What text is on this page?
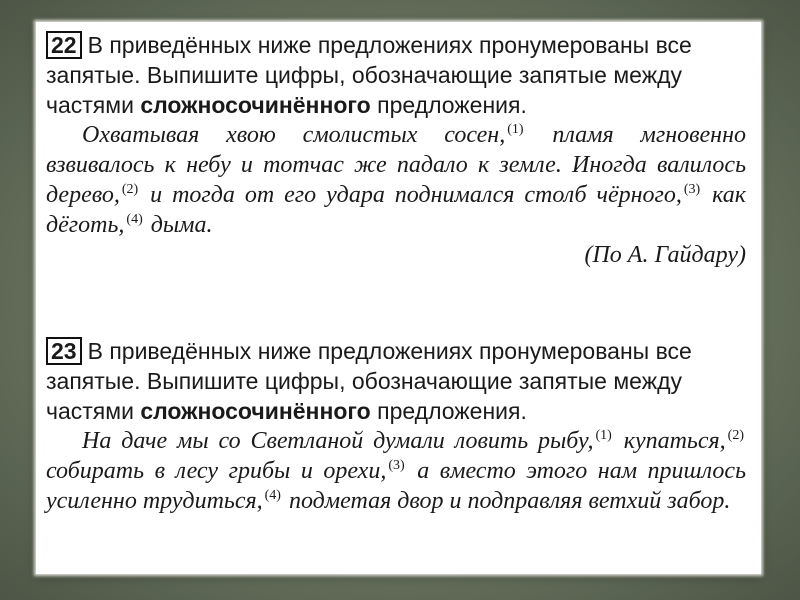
22 В приведённых ниже предложениях пронумерованы все запятые. Выпишите цифры, обозначающие запятые между частями сложносочинённого предложения.

Охватывая хвою смолистых сосен, $^{(1)}$ пламя мгновенно взвивалось к небу и тотчас же падало к земле. Иногда валилось дерево, $^{(2)}$ и тогда от его удара поднимался столб чёрного, $^{(3)}$ как дёготь, $^{(4)}$ дыма.

(По А. Гайдару)

23 В приведённых ниже предложениях пронумерованы все запятые. Выпишите цифры, обозначающие запятые между частями сложносочинённого предложения.

На даче мы со Светланой думали ловить рыбу, $^{(1)}$ купаться, $^{(2)}$ собирать в лесу грибы и орехи, $^{(3)}$ а вместо этого нам пришлось усиленно трудиться, $^{(4)}$ подметая двор и подправляя ветхий забор.
